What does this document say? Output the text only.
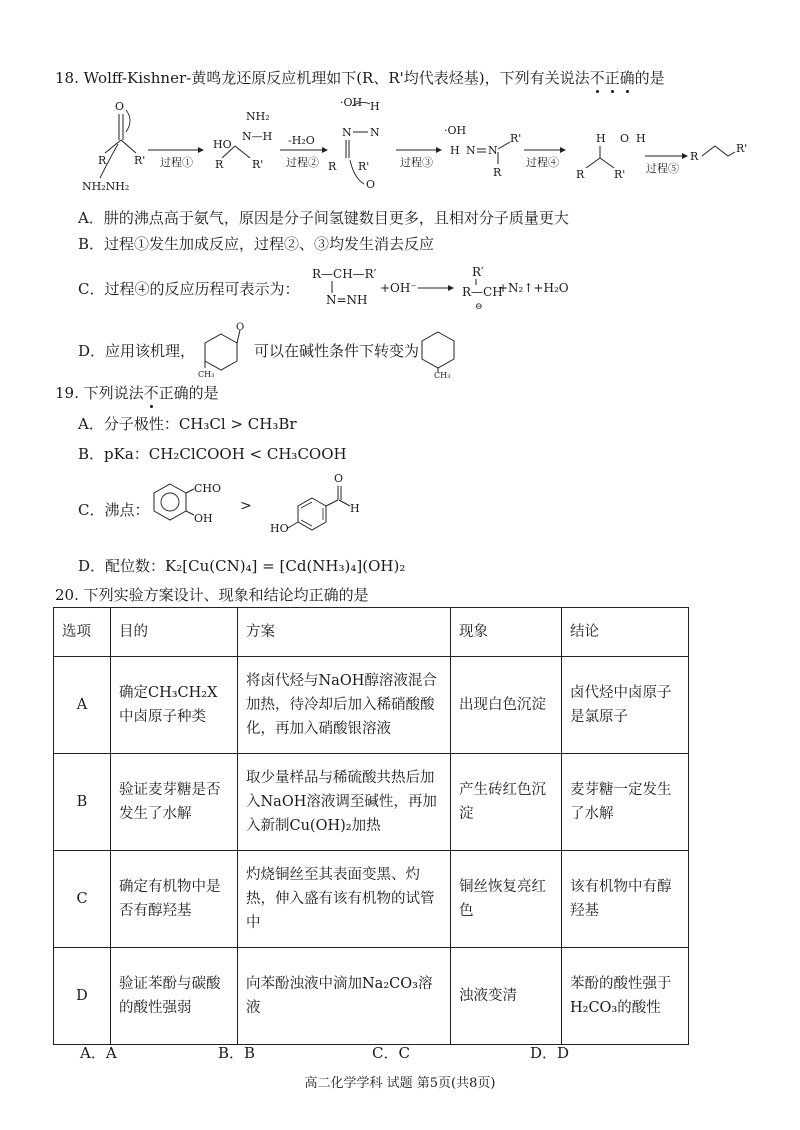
18. Wolff-Kishner-黄鸣龙还原反应机理如下(R、R'均代表烃基)，下列有关说法不正确的是
O
R	R'
NH₂NH₂
过程①
NH₂
HO
N—H
R	R'
-H₂O
过程②
·OH H
N N
R R'
O
过程③
·OH
H N N
R'
R
过程④
H O H
R	R' 过程⑤
R
R'
A．肼的沸点高于氨气，原因是分子间氢键数目更多，且相对分子质量更大
B．过程①发生加成反应，过程②、③均发生消去反应
C．过程④的反应历程可表示为：
R—CH—R′
N=NH
+OH⁻
R′
R—CH
⊖
+N₂↑+H₂O
D．应用该机理，
O
CH₃
可以在碱性条件下转变为
CH₃
19. 下列说法不正确的是
A．分子极性：CH₃Cl > CH₃Br
B．pKa：CH₂ClCOOH < CH₃COOH
C．沸点：
CHO
OH
>
HO
O
H
D．配位数：K₂[Cu(CN)₄] = [Cd(NH₃)₄](OH)₂
20. 下列实验方案设计、现象和结论均正确的是
选项	目的	方案	现象	结论
A	确定CH₃CH₂X中卤原子种类	将卤代烃与NaOH醇溶液混合加热，待冷却后加入稀硝酸酸化，再加入硝酸银溶液	出现白色沉淀	卤代烃中卤原子是氯原子
B	验证麦芽糖是否发生了水解	取少量样品与稀硫酸共热后加入NaOH溶液调至碱性，再加入新制Cu(OH)₂加热	产生砖红色沉淀	麦芽糖一定发生了水解
C	确定有机物中是否有醇羟基	灼烧铜丝至其表面变黑、灼热，伸入盛有该有机物的试管中	铜丝恢复亮红色	该有机物中有醇羟基
D	验证苯酚与碳酸的酸性强弱	向苯酚浊液中滴加Na₂CO₃溶液	浊液变清	苯酚的酸性强于H₂CO₃的酸性
A．A	B．B	C．C	D．D
高二化学学科 试题 第5页(共8页)
